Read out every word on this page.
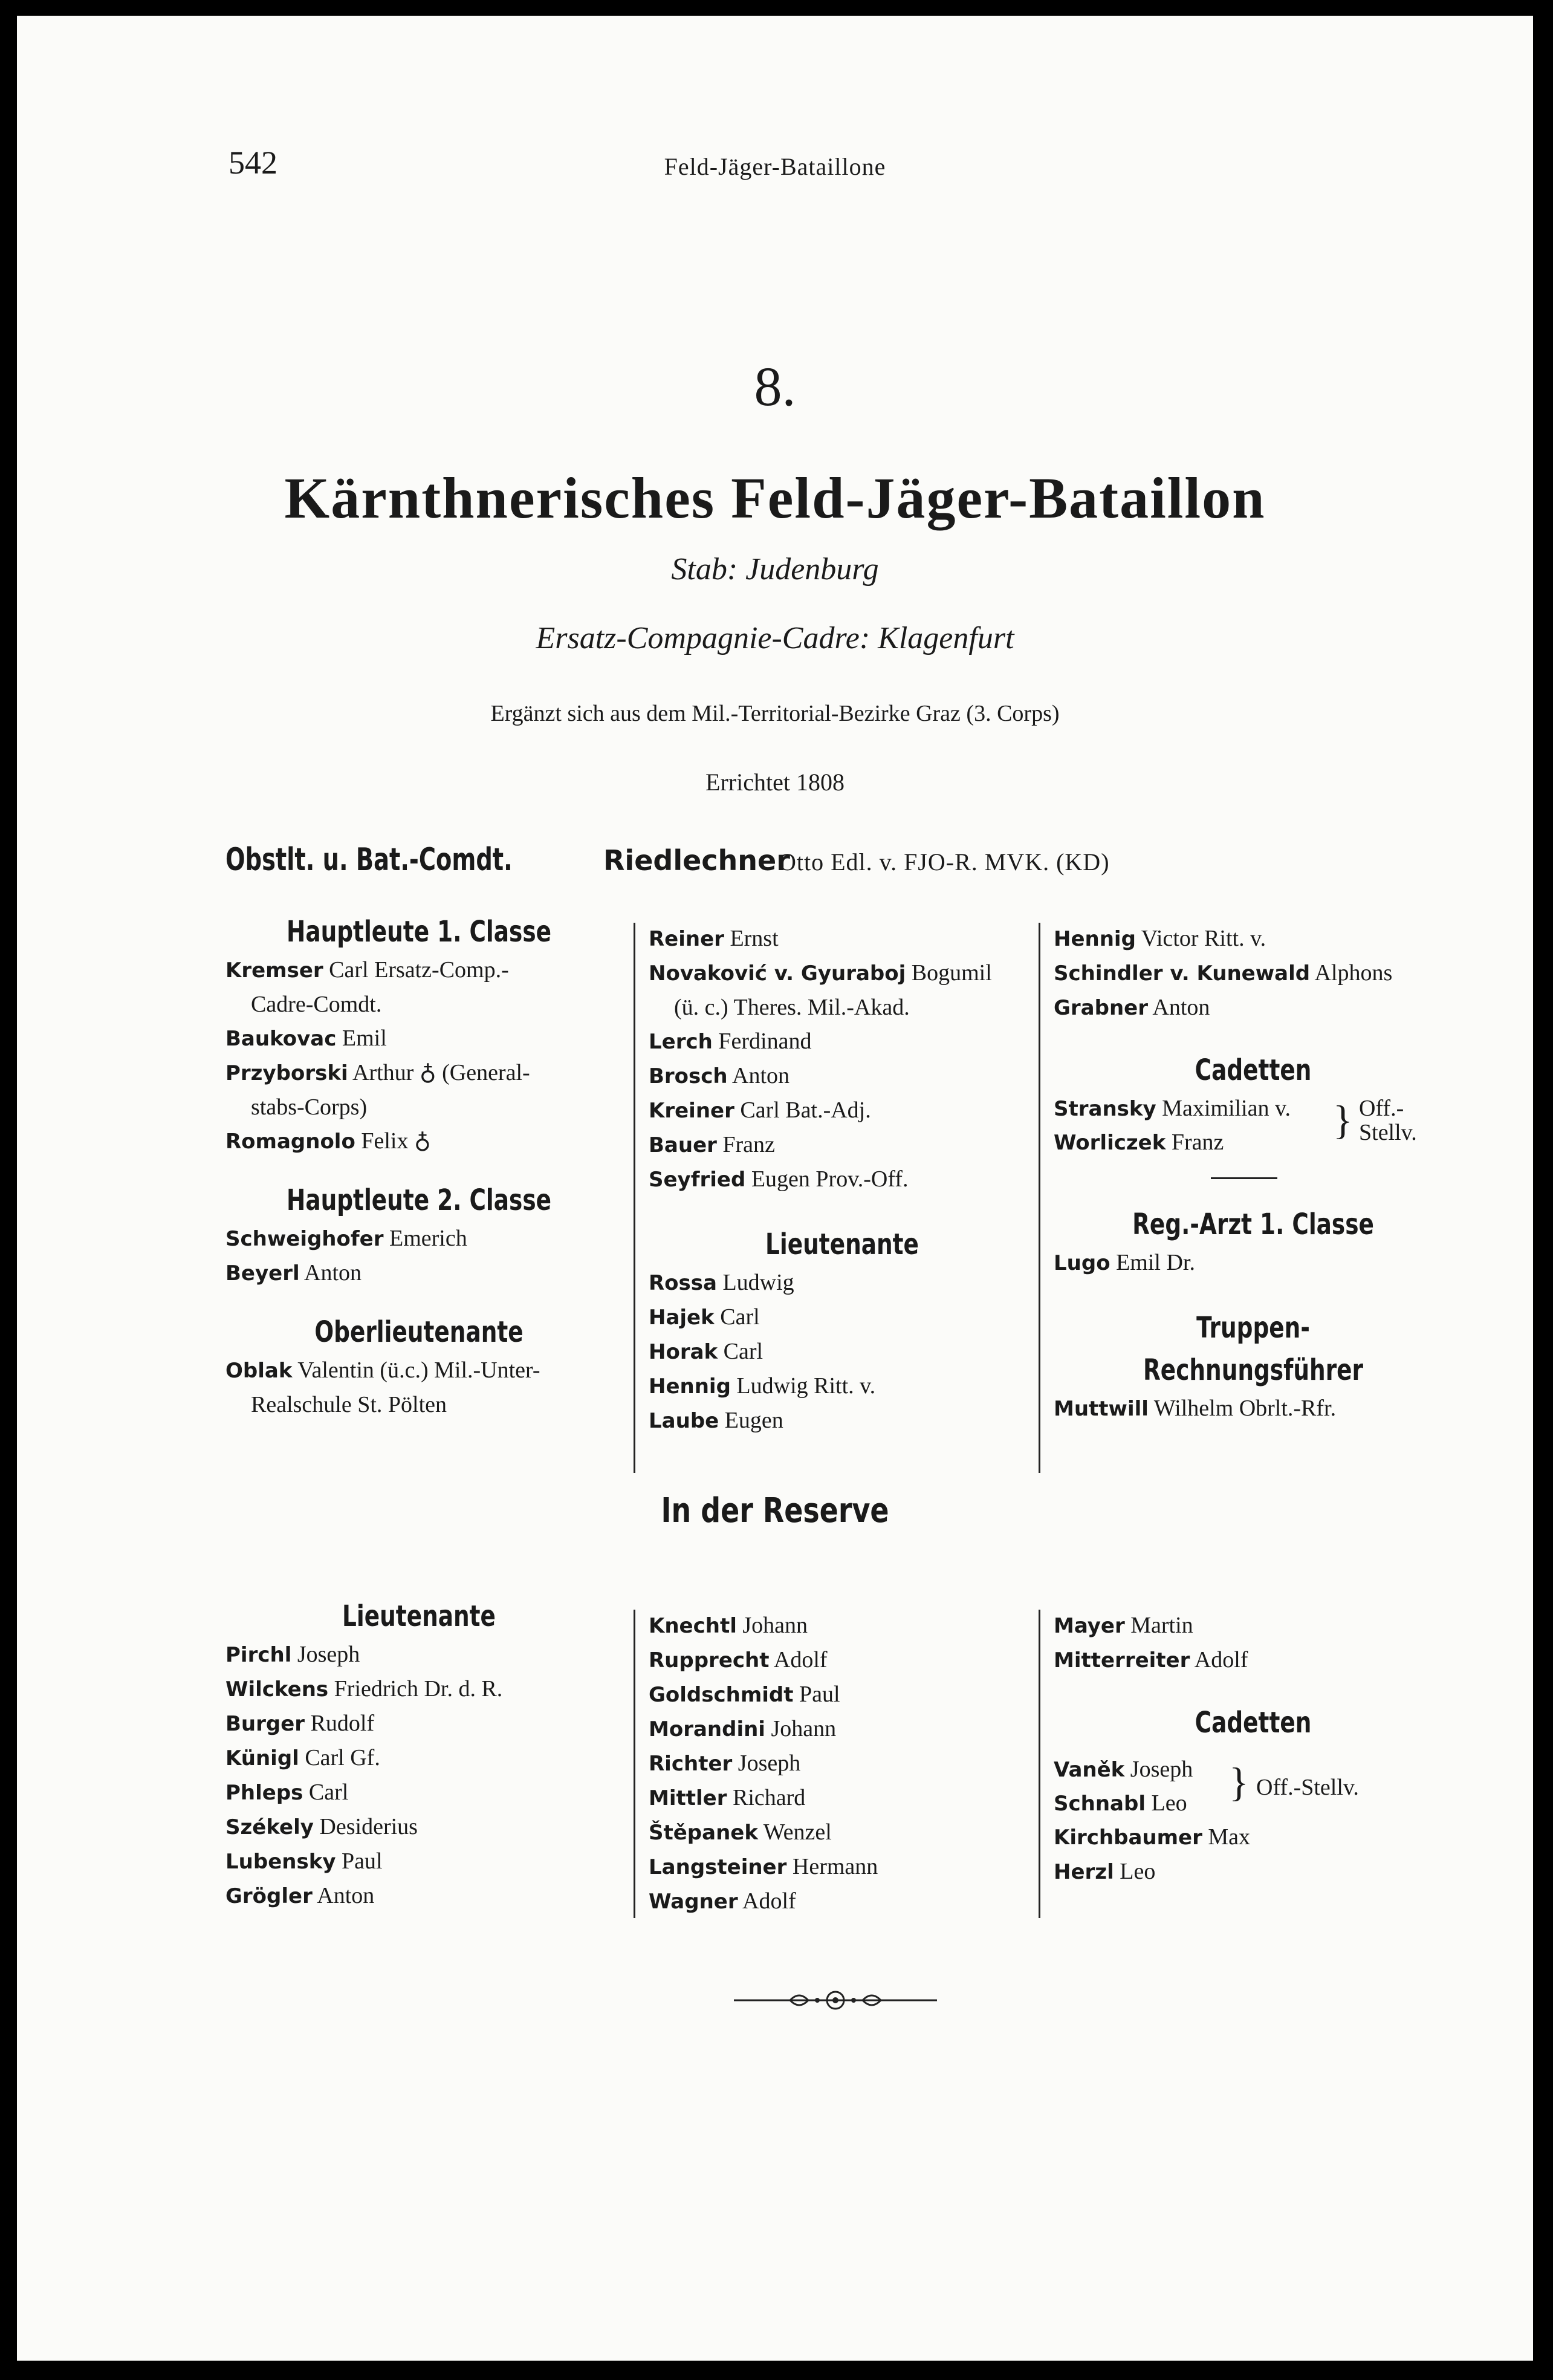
542	Feld-Jäger-Bataillone
8.
Kärnthnerisches Feld-Jäger-Bataillon
Stab: Judenburg
Ersatz-Compagnie-Cadre: Klagenfurt
Ergänzt sich aus dem Mil.-Territorial-Bezirke Graz (3. Corps)
Errichtet 1808
Obstlt. u. Bat.-Comdt.	Riedlechner
Otto Edl. v. FJO-R. MVK. (KD)
Hauptleute 1. Classe
Kremser Carl Ersatz-Comp.-
Cadre-Comdt.
Baukovac Emil
Przyborski Arthur ♁ (General-
stabs-Corps)
Romagnolo Felix ♁
Hauptleute 2. Classe
Schweighofer Emerich
Beyerl Anton
Oberlieutenante
Oblak Valentin (ü.c.) Mil.-Unter-
Realschule St. Pölten
Reiner Ernst
Novaković v. Gyuraboj Bogumil
(ü. c.) Theres. Mil.-Akad.
Lerch Ferdinand
Brosch Anton
Kreiner Carl Bat.-Adj.
Bauer Franz
Seyfried Eugen Prov.-Off.
Lieutenante
Rossa Ludwig
Hajek Carl
Horak Carl
Hennig Ludwig Ritt. v.
Laube Eugen
Hennig Victor Ritt. v.
Schindler v. Kunewald Alphons
Grabner Anton
Cadetten
Stransky Maximilian v.
Worliczek Franz	} Off.-
Stellv.
Reg.-Arzt 1. Classe
Lugo Emil Dr.
Truppen-Rechnungsführer
Muttwill Wilhelm Obrlt.-Rfr.
In der Reserve
Lieutenante
Pirchl Joseph
Wilckens Friedrich Dr. d. R.
Burger Rudolf
Künigl Carl Gf.
Phleps Carl
Székely Desiderius
Lubensky Paul
Grögler Anton
Knechtl Johann
Rupprecht Adolf
Goldschmidt Paul
Morandini Johann
Richter Joseph
Mittler Richard
Štěpanek Wenzel
Langsteiner Hermann
Wagner Adolf
Mayer Martin
Mitterreiter Adolf
Cadetten
Vaněk Joseph
Schnabl Leo } Off.-Stellv.
Kirchbaumer Max
Herzl Leo
